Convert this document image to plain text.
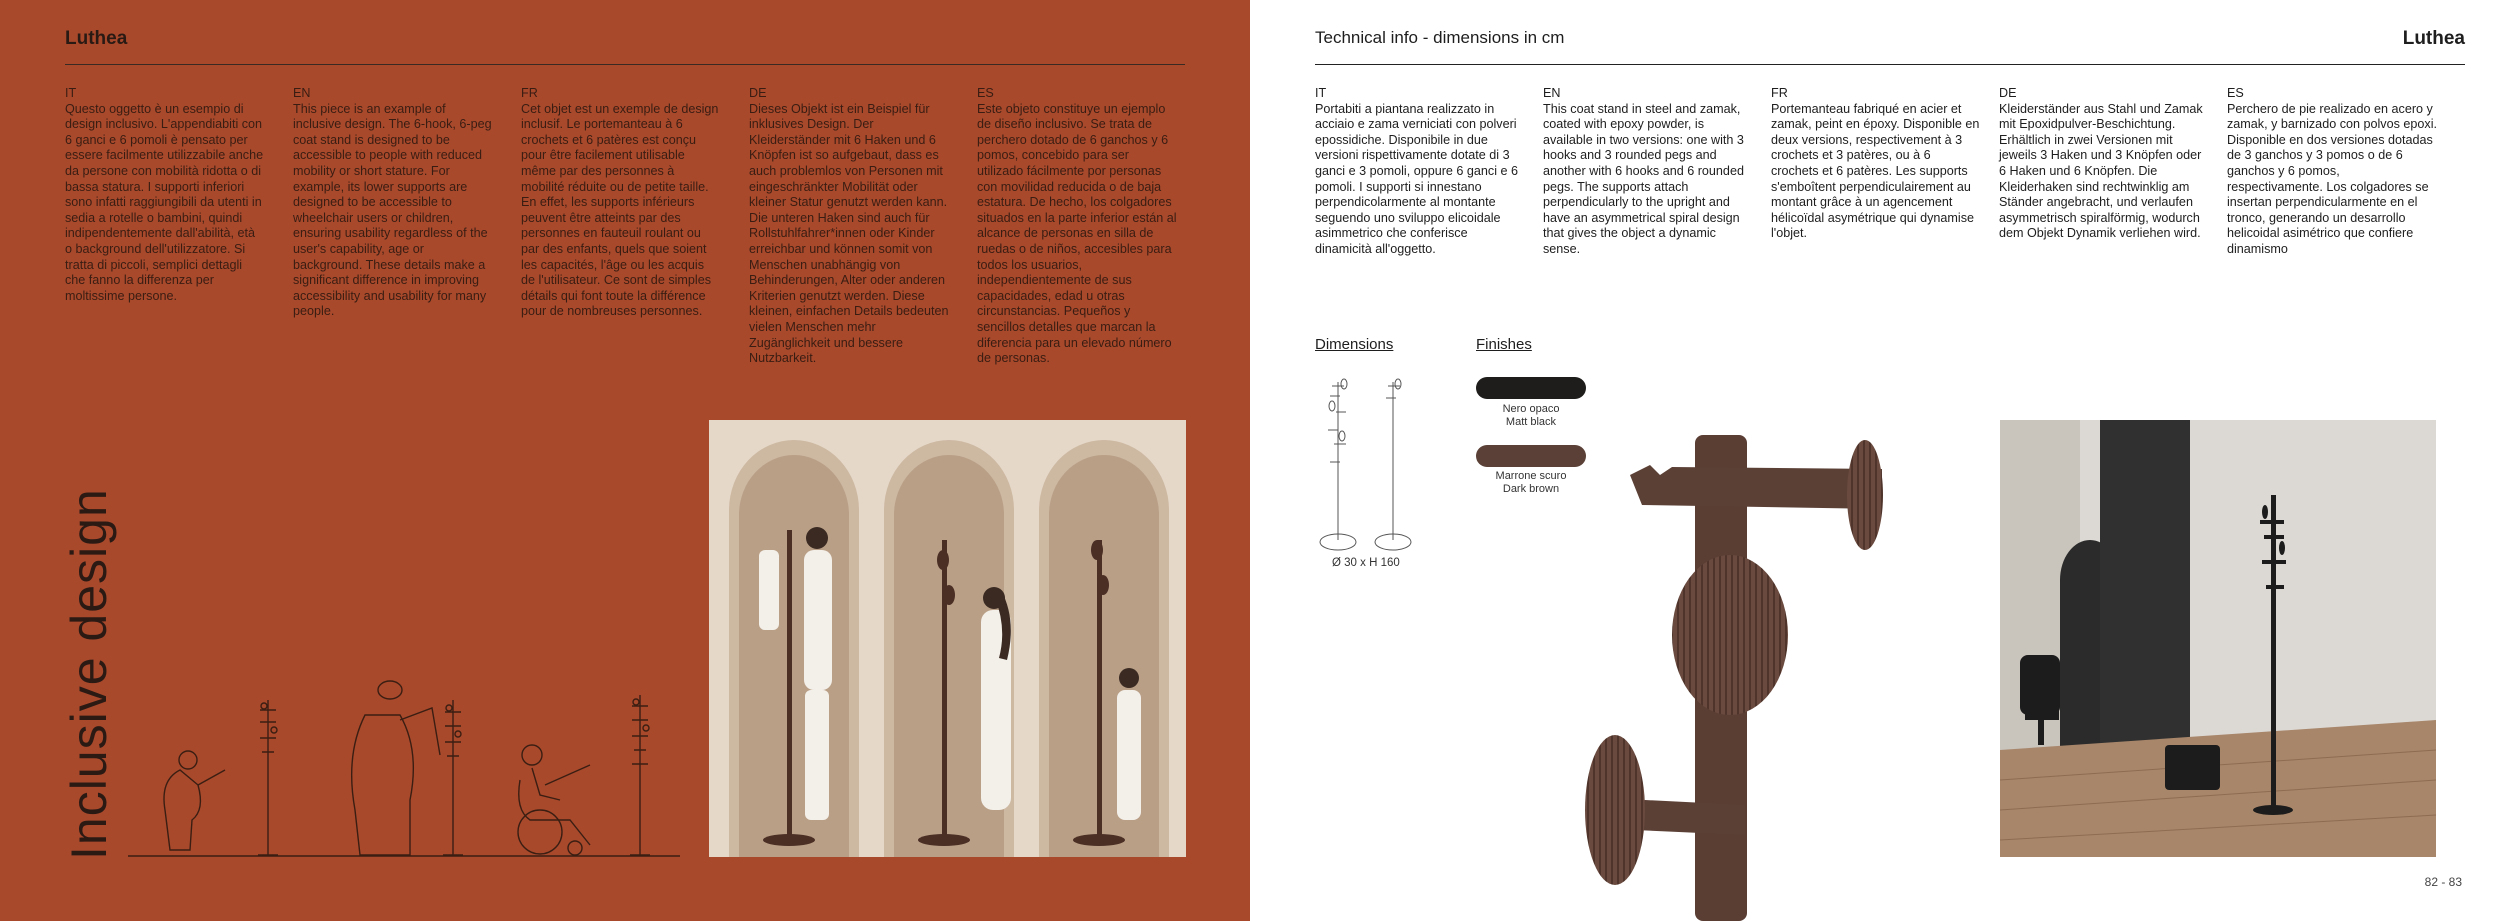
Luthea
IT
Questo oggetto è un esempio di design inclusivo. L'appendiabiti con 6 ganci e 6 pomoli è pensato per essere facilmente utilizzabile anche da persone con mobilità ridotta o di bassa statura. I supporti inferiori sono infatti raggiungibili da utenti in sedia a rotelle o bambini, quindi indipendentemente dall'abilità, età o background dell'utilizzatore. Si tratta di piccoli, semplici dettagli che fanno la differenza per moltissime persone.
EN
This piece is an example of inclusive design. The 6-hook, 6-peg coat stand is designed to be accessible to people with reduced mobility or short stature. For example, its lower supports are designed to be accessible to wheelchair users or children, ensuring usability regardless of the user's capability, age or background. These details make a significant difference in improving accessibility and usability for many people.
FR
Cet objet est un exemple de design inclusif. Le portemanteau à 6 crochets et 6 patères est conçu pour être facilement utilisable même par des personnes à mobilité réduite ou de petite taille. En effet, les supports inférieurs peuvent être atteints par des personnes en fauteuil roulant ou par des enfants, quels que soient les capacités, l'âge ou les acquis de l'utilisateur. Ce sont de simples détails qui font toute la différence pour de nombreuses personnes.
DE
Dieses Objekt ist ein Beispiel für inklusives Design. Der Kleiderständer mit 6 Haken und 6 Knöpfen ist so aufgebaut, dass es auch problemlos von Personen mit eingeschränkter Mobilität oder kleiner Statur genutzt werden kann. Die unteren Haken sind auch für Rollstuhlfahrer*innen oder Kinder erreichbar und können somit von Menschen unabhängig von Behinderungen, Alter oder anderen Kriterien genutzt werden. Diese kleinen, einfachen Details bedeuten vielen Menschen mehr Zugänglichkeit und bessere Nutzbarkeit.
ES
Este objeto constituye un ejemplo de diseño inclusivo. Se trata de perchero dotado de 6 ganchos y 6 pomos, concebido para ser utilizado fácilmente por personas con movilidad reducida o de baja estatura. De hecho, los colgadores situados en la parte inferior están al alcance de personas en silla de ruedas o de niños, accesibles para todos los usuarios, independientemente de sus capacidades, edad u otras circunstancias. Pequeños y sencillos detalles que marcan la diferencia para un elevado número de personas.
Inclusive design
Technical info - dimensions in cm	Luthea
IT
Portabiti a piantana realizzato in acciaio e zama verniciati con polveri epossidiche. Disponibile in due versioni rispettivamente dotate di 3 ganci e 3 pomoli, oppure 6 ganci e 6 pomoli. I supporti si innestano perpendicolarmente al montante seguendo uno sviluppo elicoidale asimmetrico che conferisce dinamicità all'oggetto.
EN
This coat stand in steel and zamak, coated with epoxy powder, is available in two versions: one with 3 hooks and 3 rounded pegs and another with 6 hooks and 6 rounded pegs. The supports attach perpendicularly to the upright and have an asymmetrical spiral design that gives the object a dynamic sense.
FR
Portemanteau fabriqué en acier et zamak, peint en époxy. Disponible en deux versions, respectivement à 3 crochets et 3 patères, ou à 6 crochets et 6 patères. Les supports s'emboîtent perpendiculairement au montant grâce à un agencement hélicoïdal asymétrique qui dynamise l'objet.
DE
Kleiderständer aus Stahl und Zamak mit Epoxidpulver-Beschichtung. Erhältlich in zwei Versionen mit jeweils 3 Haken und 3 Knöpfen oder 6 Haken und 6 Knöpfen. Die Kleiderhaken sind rechtwinklig am Ständer angebracht, und verlaufen asymmetrisch spiralförmig, wodurch dem Objekt Dynamik verliehen wird.
ES
Perchero de pie realizado en acero y zamak, y barnizado con polvos epoxi. Disponible en dos versiones dotadas de 3 ganchos y 3 pomos o de 6 ganchos y 6 pomos, respectivamente. Los colgadores se insertan perpendicularmente en el tronco, generando un desarrollo helicoidal asimétrico que confiere dinamismo
Dimensions
Ø 30 x H 160
Finishes
Nero opaco
Matt black
Marrone scuro
Dark brown
82 - 83
